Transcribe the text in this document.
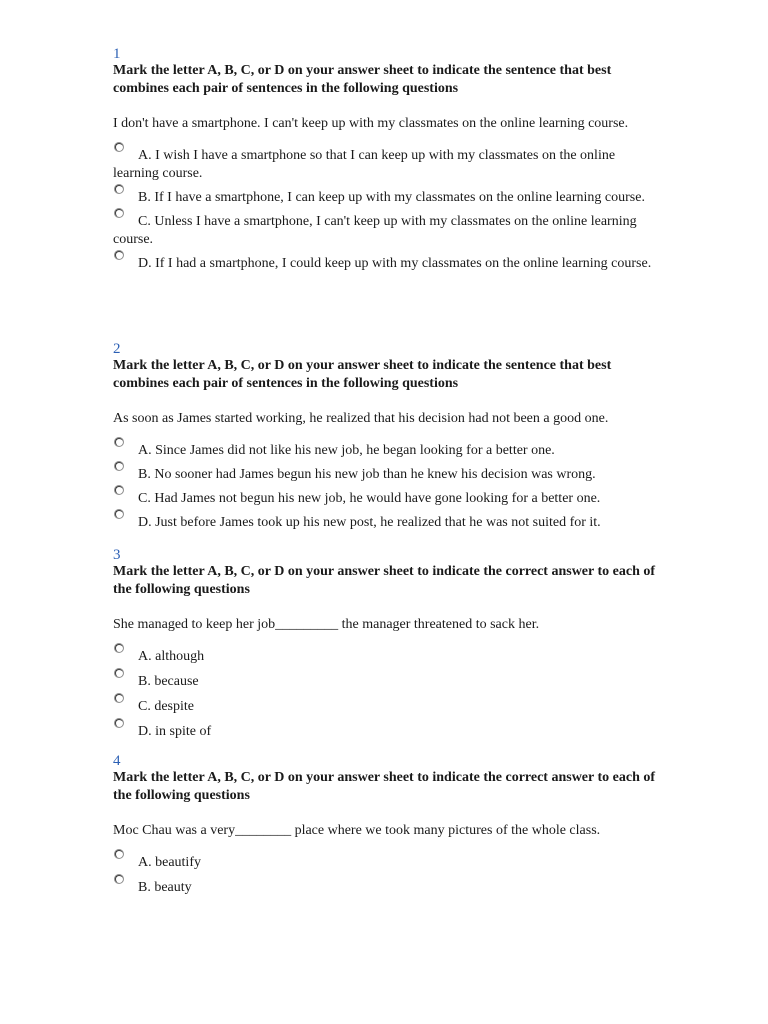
1
Mark the letter A, B, C, or D on your answer sheet to indicate the sentence that best combines each pair of sentences in the following questions
I don't have a smartphone. I can't keep up with my classmates on the online learning course.
A. I wish I have a smartphone so that I can keep up with my classmates on the online learning course.
B. If I have a smartphone, I can keep up with my classmates on the online learning course.
C. Unless I have a smartphone, I can't keep up with my classmates on the online learning course.
D. If I had a smartphone, I could keep up with my classmates on the online learning course.
2
Mark the letter A, B, C, or D on your answer sheet to indicate the sentence that best combines each pair of sentences in the following questions
As soon as James started working, he realized that his decision had not been a good one.
A. Since James did not like his new job, he began looking for a better one.
B. No sooner had James begun his new job than he knew his decision was wrong.
C. Had James not begun his new job, he would have gone looking for a better one.
D. Just before James took up his new post, he realized that he was not suited for it.
3
Mark the letter A, B, C, or D on your answer sheet to indicate the correct answer to each of the following questions
She managed to keep her job_________ the manager threatened to sack her.
A. although
B. because
C. despite
D. in spite of
4
Mark the letter A, B, C, or D on your answer sheet to indicate the correct answer to each of the following questions
Moc Chau was a very________ place where we took many pictures of the whole class.
A. beautify
B. beauty
